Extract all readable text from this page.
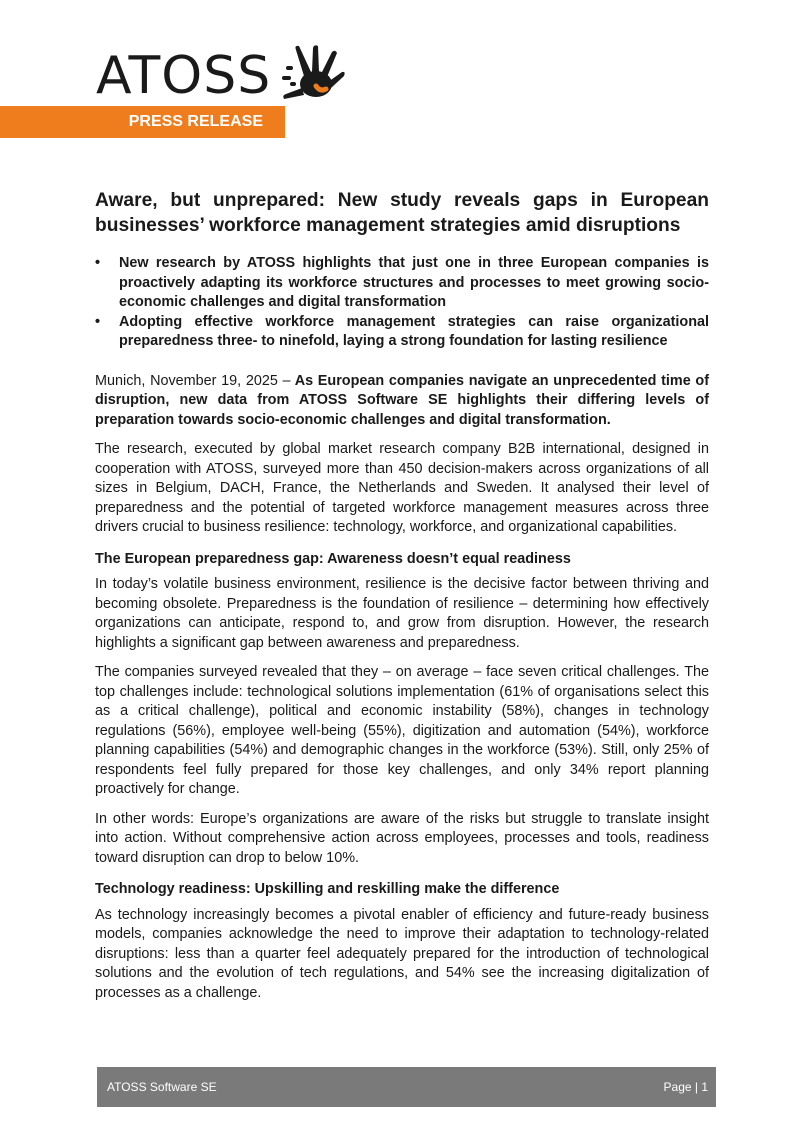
ATOSS
PRESS RELEASE
Aware, but unprepared: New study reveals gaps in European businesses’ workforce management strategies amid disruptions
• New research by ATOSS highlights that just one in three European companies is proactively adapting its workforce structures and processes to meet growing socio-economic challenges and digital transformation
• Adopting effective workforce management strategies can raise organizational preparedness three- to ninefold, laying a strong foundation for lasting resilience
Munich, November 19, 2025 – As European companies navigate an unprecedented time of disruption, new data from ATOSS Software SE highlights their differing levels of preparation towards socio-economic challenges and digital transformation.
The research, executed by global market research company B2B international, designed in cooperation with ATOSS, surveyed more than 450 decision-makers across organizations of all sizes in Belgium, DACH, France, the Netherlands and Sweden. It analysed their level of preparedness and the potential of targeted workforce management measures across three drivers crucial to business resilience: technology, workforce, and organizational capabilities.
The European preparedness gap: Awareness doesn’t equal readiness
In today’s volatile business environment, resilience is the decisive factor between thriving and becoming obsolete. Preparedness is the foundation of resilience – determining how effectively organizations can anticipate, respond to, and grow from disruption. However, the research highlights a significant gap between awareness and preparedness.
The companies surveyed revealed that they – on average – face seven critical challenges. The top challenges include: technological solutions implementation (61% of organisations select this as a critical challenge), political and economic instability (58%), changes in technology regulations (56%), employee well-being (55%), digitization and automation (54%), workforce planning capabilities (54%) and demographic changes in the workforce (53%). Still, only 25% of respondents feel fully prepared for those key challenges, and only 34% report planning proactively for change.
In other words: Europe’s organizations are aware of the risks but struggle to translate insight into action. Without comprehensive action across employees, processes and tools, readiness toward disruption can drop to below 10%.
Technology readiness: Upskilling and reskilling make the difference
As technology increasingly becomes a pivotal enabler of efficiency and future-ready business models, companies acknowledge the need to improve their adaptation to technology-related disruptions: less than a quarter feel adequately prepared for the introduction of technological solutions and the evolution of tech regulations, and 54% see the increasing digitalization of processes as a challenge.
ATOSS Software SE	Page | 1
